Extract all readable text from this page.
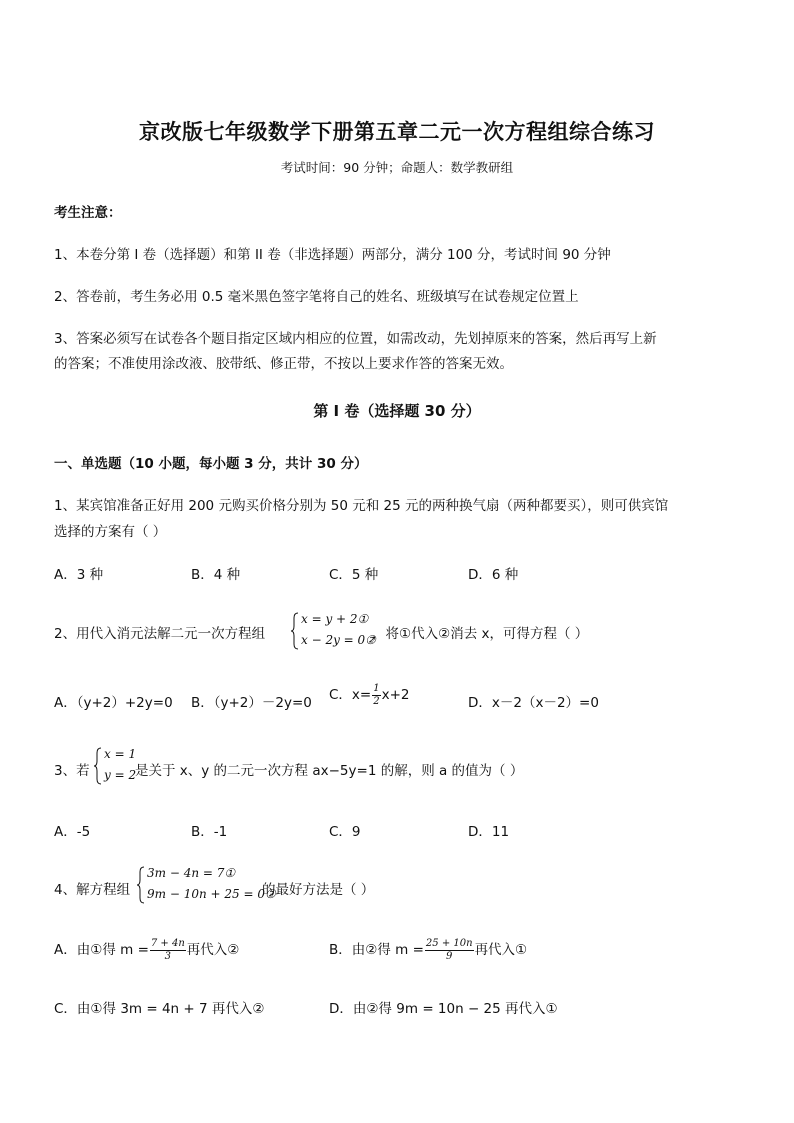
京改版七年级数学下册第五章二元一次方程组综合练习
考试时间：90 分钟；命题人：数学教研组
考生注意：
1、本卷分第 I 卷（选择题）和第 II 卷（非选择题）两部分，满分 100 分，考试时间 90 分钟
2、答卷前，考生务必用 0.5 毫米黑色签字笔将自己的姓名、班级填写在试卷规定位置上
3、答案必须写在试卷各个题目指定区域内相应的位置，如需改动，先划掉原来的答案，然后再写上新
的答案；不准使用涂改液、胶带纸、修正带，不按以上要求作答的答案无效。
第 I 卷（选择题 30 分）
一、单选题（10 小题，每小题 3 分，共计 30 分）
1、某宾馆准备正好用 200 元购买价格分别为 50 元和 25 元的两种换气扇（两种都要买），则可供宾馆
选择的方案有（ ）
A．3 种	B．4 种	C．5 种	D．6 种
2、用代入消元法解二元一次方程组
x = y + 2①
x − 2y = 0②
，将①代入②消去 x，可得方程（ ）
A．（y+2）+2y=0 B．（y+2）－2y=0 C．$x= \frac{1}{2} x+2$	D．x－2（x－2）=0
3、若
x = 1
y = 2
是关于 x、y 的二元一次方程 ax−5y=1 的解，则 a 的值为（ ）
A．-5	B．-1	C．9	D．11
4、解方程组
3m − 4n = 7①
9m − 10n + 25 = 0②
的最好方法是（ ）
A．由①得 $m = \frac{7 + 4n}{3}$ 再代入②	B．由②得 $m = \frac{25 + 10n}{9}$ 再代入①
C．由①得 3m = 4n + 7 再代入②	D．由②得 9m = 10n − 25 再代入①
